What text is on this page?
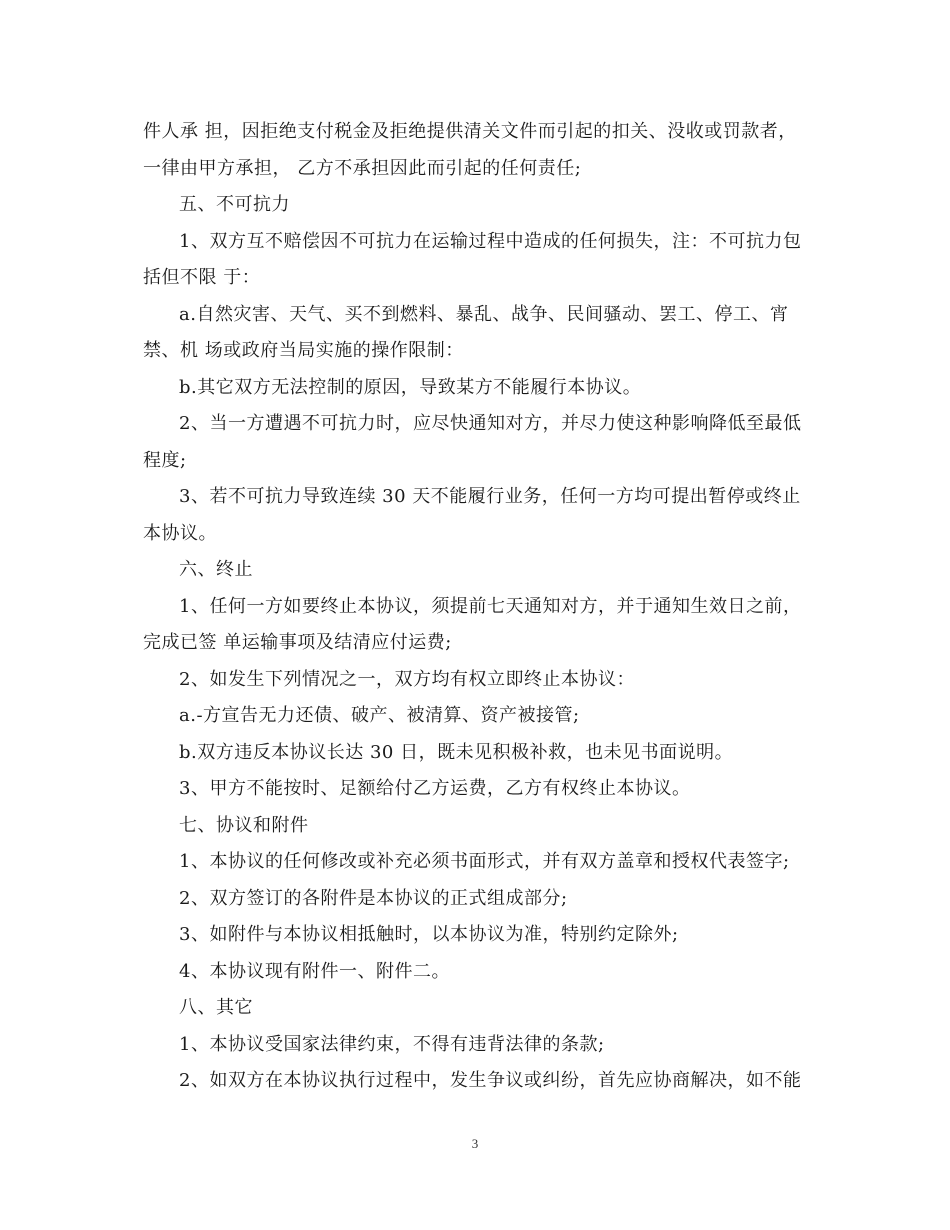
件人承 担，因拒绝支付税金及拒绝提供清关文件而引起的扣关、没收或罚款者，
一律由甲方承担， 乙方不承担因此而引起的任何责任;
五、不可抗力
1、双方互不赔偿因不可抗力在运输过程中造成的任何损失，注：不可抗力包
括但不限 于：
a.自然灾害、天气、买不到燃料、暴乱、战争、民间骚动、罢工、停工、宵
禁、机 场或政府当局实施的操作限制：
b.其它双方无法控制的原因，导致某方不能履行本协议。
2、当一方遭遇不可抗力时，应尽快通知对方，并尽力使这种影响降低至最低
程度;
3、若不可抗力导致连续 30 天不能履行业务，任何一方均可提出暂停或终止
本协议。
六、终止
1、任何一方如要终止本协议，须提前七天通知对方，并于通知生效日之前，
完成已签 单运输事项及结清应付运费;
2、如发生下列情况之一，双方均有权立即终止本协议：
a.-方宣告无力还债、破产、被清算、资产被接管;
b.双方违反本协议长达 30 日，既未见积极补救，也未见书面说明。
3、甲方不能按时、足额给付乙方运费，乙方有权终止本协议。
七、协议和附件
1、本协议的任何修改或补充必须书面形式，并有双方盖章和授权代表签字;
2、双方签订的各附件是本协议的正式组成部分;
3、如附件与本协议相抵触时，以本协议为准，特别约定除外;
4、本协议现有附件一、附件二。
八、其它
1、本协议受国家法律约束，不得有违背法律的条款;
2、如双方在本协议执行过程中，发生争议或纠纷，首先应协商解决，如不能
3
